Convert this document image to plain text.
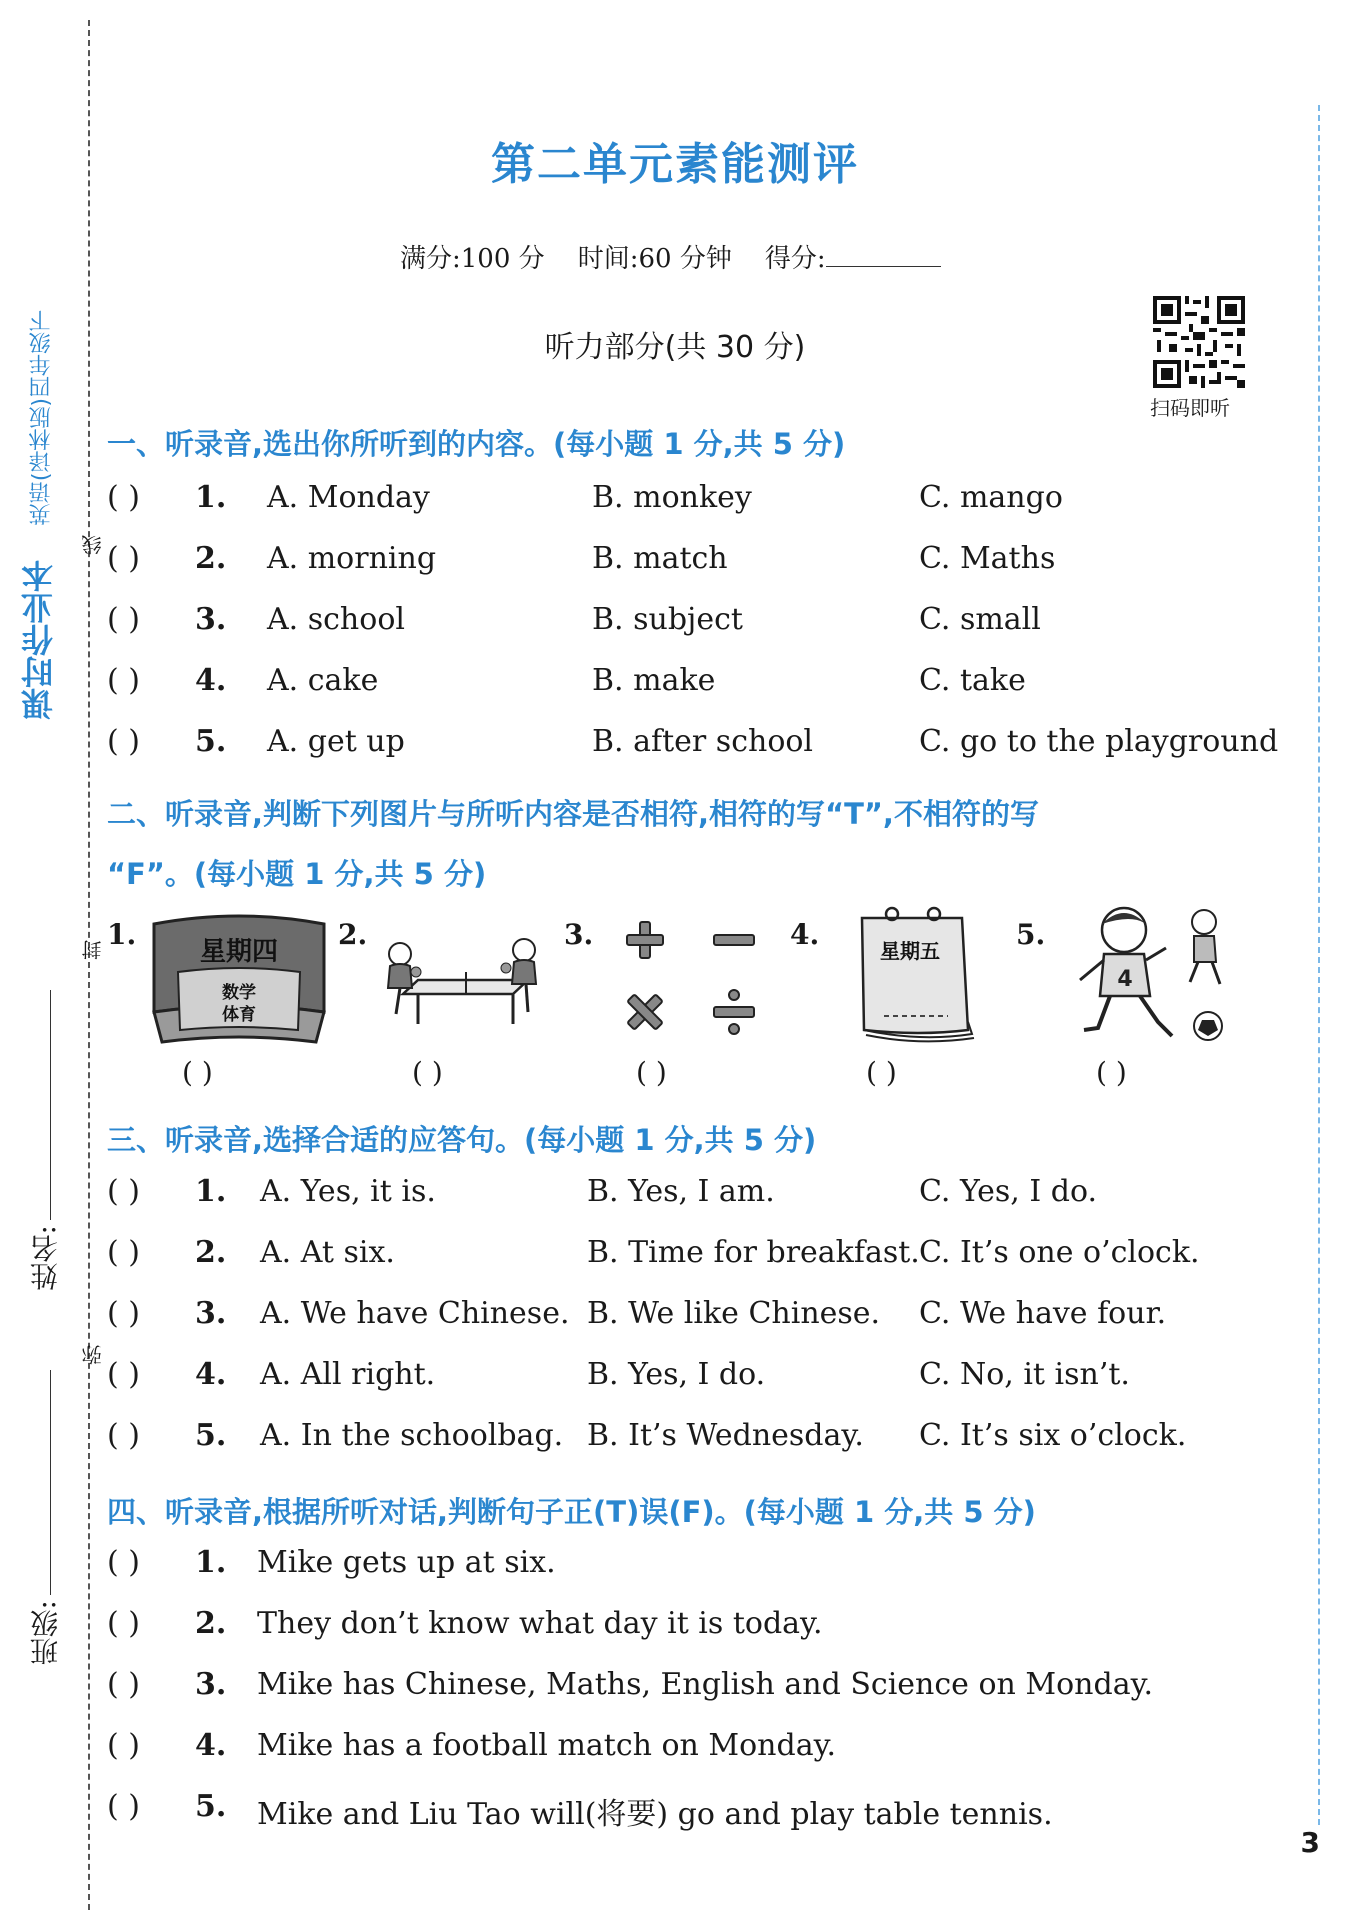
课时作业本
英语(译林版)四年级下
线
封
弥
姓名:
班级:
第二单元素能测评
满分:100 分 时间:60 分钟 得分:
听力部分(共 30 分)
扫码即听
一、听录音,选出你所听到的内容。(每小题 1 分,共 5 分)
( ) 1. A. Monday	B. monkey	C. mango
( ) 2. A. morning	B. match	C. Maths
( ) 3. A. school	B. subject	C. small
( ) 4. A. cake	B. make	C. take
( ) 5. A. get up	B. after school	C. go to the playground
二、听录音,判断下列图片与所听内容是否相符,相符的写“T”,不相符的写
“F”。(每小题 1 分,共 5 分)
1.
星期四
数学
体育
( )
2.
( )
3.
( )
4.	星期五
( )
5.
4
( )
三、听录音,选择合适的应答句。(每小题 1 分,共 5 分)
( ) 1. A. Yes, it is.	B. Yes, I am.	C. Yes, I do.
( ) 2. A. At six.	B. Time for breakfast. C. It’s one o’clock.
( ) 3. A. We have Chinese. B. We like Chinese. C. We have four.
( ) 4. A. All right.	B. Yes, I do.	C. No, it isn’t.
( ) 5. A. In the schoolbag. B. It’s Wednesday. C. It’s six o’clock.
四、听录音,根据所听对话,判断句子正(T)误(F)。(每小题 1 分,共 5 分)
( ) 1. Mike gets up at six.
( ) 2. They don’t know what day it is today.
( ) 3. Mike has Chinese, Maths, English and Science on Monday.
( ) 4. Mike has a football match on Monday.
( ) 5. Mike and Liu Tao will(将要) go and play table tennis.
3
